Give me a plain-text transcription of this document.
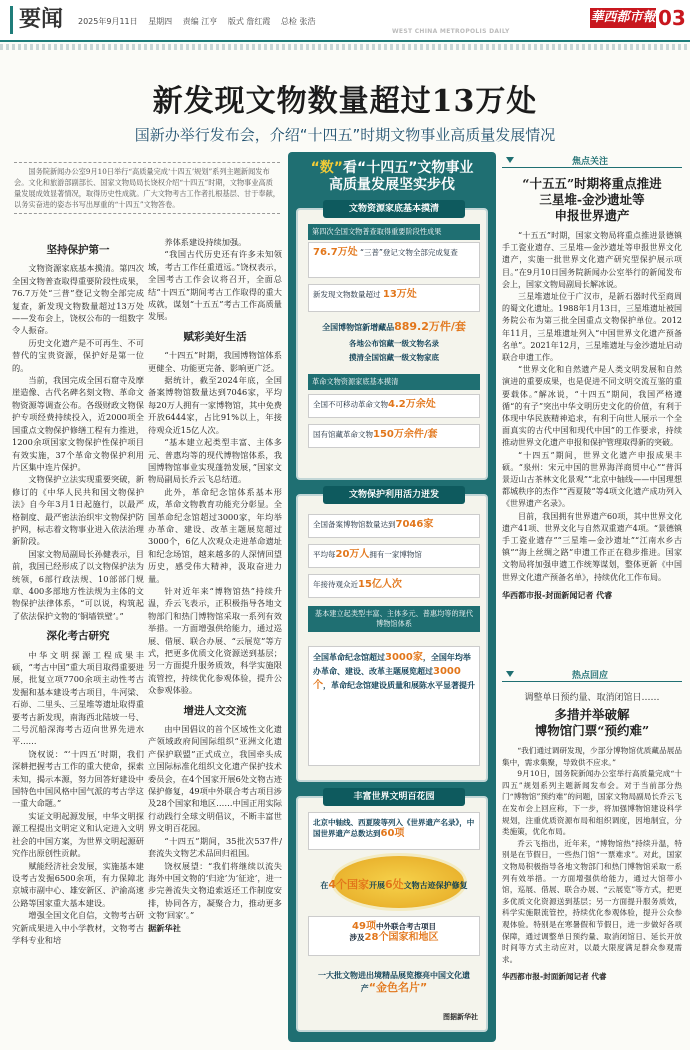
要闻 2025年9月11日 星期四 责编 江亨 版式 詹红霞 总检 张浩
WEST CHINA METROPOLIS DAILY
華西都市報 03
新发现文物数量超过13万处
国新办举行发布会，介绍“十四五”时期文物事业高质量发展情况
国务院新闻办公室9月10日举行“高质量完成‘十四五’规划”系列主题新闻发布会。文化和旅游部副部长、国家文物局局长饶权介绍“十四五”时期，文物事业高质量发展成效显著情况，取得历史性成就。广大文物考古工作者扎根基层、甘于奉献，以务实奋进的姿态书写出厚重的“十四五”文物答卷。
坚持保护第一

文物资源家底基本摸清。第四次全国文物普查取得重要阶段性成果，76.7万处“三普”登记文物全部完成复查，新发现文物数量超过13万处——发布会上，饶权公布的一组数字令人振奋。

历史文化遗产是不可再生、不可替代的宝贵资源，保护好是第一位的。

当前，我国完成全国石窟寺及摩崖造像、古代名碑名刻文物、革命文物资源等调查公布。各级财政文物保护专项经费持续投入，近2000项全国重点文物保护修缮工程有力推进，1200余项国家文物保护性保护项目有效实施，37个革命文物保护利用片区集中连片保护。

文物保护立法实现重要突破，新修订的《中华人民共和国文物保护法》自今年3月1日起施行，以最严格制度、最严密法治织牢文物保护防护网，标志着文物事业进入依法治理新阶段。

国家文物局副局长孙健表示，目前，我国已经形成了以文物保护法为统领，6部行政法规、10部部门规章、400多部地方性法规为主体的文物保护法律体系，“可以说，构筑起了依法保护文物的‘铜墙铁壁’。”

深化考古研究

中华文明探源工程成果丰硕，“考古中国”重大项目取得重要进展，批复立项7700余项主动性考古发掘和基本建设考古项目，牛河梁、石峁、二里头、三星堆等遗址取得重要考古新发现，南海西北陆坡一号、二号沉船深海考古迈向世界先进水平……

饶权说：“‘十四五’时期，我们深耕把握考古工作的重大使命，探索未知，揭示本源，努力回答好建设中国特色中国风格中国气派的考古学这一重大命题。”

实证文明起源发展，中华文明探源工程提出文明定义和认定进入文明社会的中国方案，为世界文明起源研究作出原创性贡献。

赋能经济社会发展，实施基本建设考古发掘6500余项，有力保障北京城市副中心、雄安新区、沪渝高速公路等国家重大基本建设。

增强全国文化自信，文物考古研究新成果进入中小学教材，文物考古学科专业和培

养体系建设持续加强。

“我国古代历史还有许多未知领域，考古工作任重道远。”饶权表示，全国考古工作会议将召开，全面总结“十四五”期间考古工作取得的重大成就，谋划“十五五”考古工作高质量发展。

赋彩美好生活

“十四五”时期，我国博物馆体系更健全、功能更完备、影响更广泛。

据统计，截至2024年底，全国备案博物馆数量达到7046家，平均每20万人拥有一家博物馆，其中免费开放6444家，占比91%以上，年接待观众近15亿人次。

“基本建立起类型丰富、主体多元、普惠均等的现代博物馆体系，我国博物馆事业实现蓬勃发展，”国家文物局副局长乔云飞总结道。

此外，革命纪念馆体系基本形成，革命文物教育功能充分彰显。全国革命纪念馆超过3000家，年均举办革命、建设、改革主题展览超过3000个，6亿人次观众走进革命遗址和纪念场馆，越来越多的人深情回望历史，感受伟大精神，汲取奋进力量。

针对近年来“博物馆热”持续升温，乔云飞表示，正积极指导各地文物部门和热门博物馆采取一系列有效举措。一方面增强供给能力，通过巡展、借展、联合办展、“云展览”等方式，把更多优质文化资源送到基层；另一方面提升服务质效，科学实施限流管控，持续优化参观体验，提升公众参观体验。

增进人文交流

由中国倡议的首个区域性文化遗产领域政府间国际组织“亚洲文化遗产保护联盟”正式成立，我国牵头成立国际标准化组织文化遗产保护技术委员会，在4个国家开展6处文物古迹保护修复，49项中外联合考古项目涉及28个国家和地区……中国正用实际行动践行全球文明倡议，不断丰富世界文明百花园。

“十四五”期间，35批次537件/套流失文物艺术品回归祖国。

饶权展望：“我们将继续以流失海外中国文物的‘归途’为‘征途’，进一步完善流失文物追索返还工作制度安排，协同各方，凝聚合力，推动更多文物‘回家’。”

据新华社

“数”看“十四五”文物事业
高质量发展坚实步伐
文物资源家底基本摸清
第四次全国文物普查取得重要阶段性成果
76.7万处 “三普”登记文物全部完成复查
新发现文物数量超过 13万处
全国博物馆新增藏品889.2万件/套
各地公布馆藏一级文物名录
摸清全国馆藏一级文物家底
革命文物资源家底基本摸清
全国不可移动革命文物4.2万余处
国有馆藏革命文物150万余件/套
文物保护利用活力迸发
全国备案博物馆数量达到7046家
平均每20万人拥有一家博物馆
年接待观众近15亿人次
基本建立起类型丰富、主体多元、普惠均等的现代博物馆体系
全国革命纪念馆超过3000家，全国年均举办革命、建设、改革主题展览超过3000个，革命纪念馆建设质量和展陈水平显著提升
丰富世界文明百花园
北京中轴线、西夏陵等列入《世界遗产名录》，中国世界遗产总数达到60项
在4个国家开展6处文物古迹保护修复
49项中外联合考古项目
涉及28个国家和地区
一大批文物进出境精品展览擦亮中国文化遗产“金色名片”
图据新华社
焦点关注
“十五五”时期将重点推进
三星堆-金沙遗址等
申报世界遗产

“十五五”时期，国家文物局将重点推进景德镇手工瓷业遗存、三星堆—金沙遗址等申报世界文化遗产，实施一批世界文化遗产研究型保护展示项目。”在9月10日国务院新闻办公室举行的新闻发布会上，国家文物局副局长解冰说。

三星堆遗址位于广汉市，是新石器时代至商周的蜀文化遗址。1988年1月13日，三星堆遗址被国务院公布为第三批全国重点文物保护单位。2012年11月，三星堆遗址列入“中国世界文化遗产预备名单”。2021年12月，三星堆遗址与金沙遗址启动联合申遗工作。

“世界文化和自然遗产是人类文明发展和自然演进的重要成果，也是促进不同文明交流互鉴的重要载体。”解冰说，“十四五”期间，我国严格遵循“的有子”突出中华文明历史文化的价值，有利于体现中华民族精神追求，有利于向世人展示一个全面真实的古代中国和现代中国”的工作要求，持续推动世界文化遗产申报和保护管理取得新的突破。

“十四五”期间，世界文化遗产申报成果丰硕。“泉州：宋元中国的世界海洋商贸中心”“普洱景迈山古茶林文化景观”“北京中轴线——中国理想都城秩序的杰作”“西夏陵”等4项文化遗产成功列入《世界遗产名录》。

目前，我国拥有世界遗产60项，其中世界文化遗产41项、世界文化与自然双重遗产4项。“景德镇手工瓷业遗存”“三星堆—金沙遗址”“江南水乡古镇”“海上丝绸之路”申遗工作正在稳步推进。国家文物局将加强申遗工作统筹谋划，整体更新《中国世界文化遗产预备名单》，持续优化工作布局。

华西都市报-封面新闻记者 代睿
热点回应
调整单日预约量、取消闭馆日……
多措并举破解
博物馆门票“预约难”

“我们通过调研发现，少部分博物馆优质藏品展品集中，需求集聚，导致供不应求。”

9月10日，国务院新闻办公室举行高质量完成“十四五”规划系列主题新闻发布会。对于当前部分热门“博物馆”预约难”的问题，国家文物局副局长乔云飞在发布会上回应称，下一步，将加强博物馆建设科学规划，注重优质资源布局和组织调度，因地制宜，分类施策，优化布局。

乔云飞指出，近年来，“博物馆热”持续升温，特别是在节假日，一些热门馆“一票难求”。对此，国家文物局积极指导各地文物部门和热门博物馆采取一系列有效举措。一方面增强供给能力，通过大馆带小馆，巡展、借展、联合办展、“云展览”等方式，把更多优质文化资源送到基层；另一方面提升服务质效，科学实施限流管控，持续优化参观体验，提升公众参观体验。特别是在寒暑假和节假日，进一步做好各项保障，通过调整单日预约量、取消闭馆日、延长开放时间等方式主动应对，以最大限度满足群众参观需求。

华西都市报-封面新闻记者 代睿
